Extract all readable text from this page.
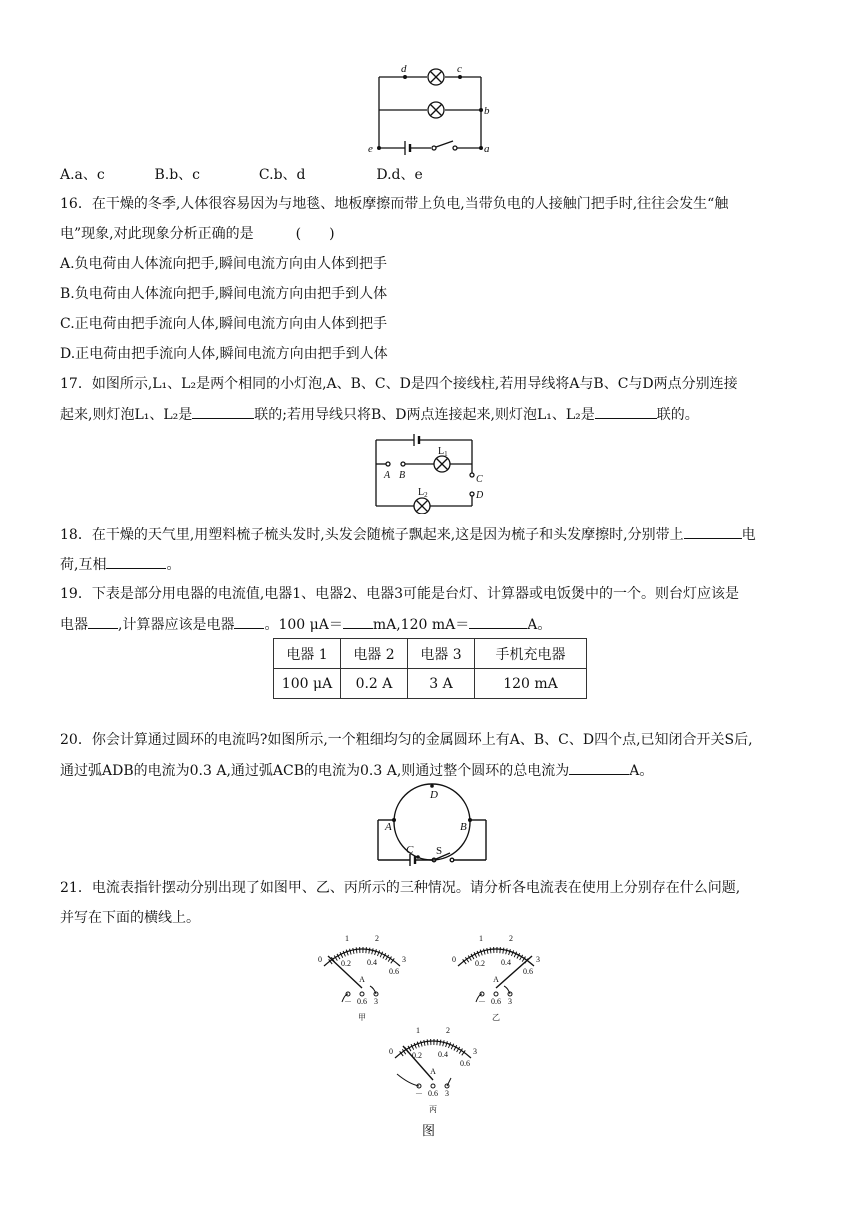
d	c
b
e	a
A.a、c	B.b、c	C.b、d	D.d、e
16．在干燥的冬季,人体很容易因为与地毯、地板摩擦而带上负电,当带负电的人接触门把手时,往往会发生“触
电”现象,对此现象分析正确的是　　　(　　)
A.负电荷由人体流向把手,瞬间电流方向由人体到把手
B.负电荷由人体流向把手,瞬间电流方向由把手到人体
C.正电荷由把手流向人体,瞬间电流方向由人体到把手
D.正电荷由把手流向人体,瞬间电流方向由把手到人体
17．如图所示,L₁、L₂是两个相同的小灯泡,A、B、C、D是四个接线柱,若用导线将A与B、C与D两点分别连接
起来,则灯泡L₁、L₂是	联的;若用导线只将B、D两点连接起来,则灯泡L₁、L₂是	联的。
$L_1$
$L_2$
A B	C
D
18．在干燥的天气里,用塑料梳子梳头发时,头发会随梳子飘起来,这是因为梳子和头发摩擦时,分别带上	电
荷,互相	。
19．下表是部分用电器的电流值,电器1、电器2、电器3可能是台灯、计算器或电饭煲中的一个。则台灯应该是
电器 ,计算器应该是电器 。100 μA＝ mA,120 mA＝	A。
电器 1	电器 2	电器 3	手机充电器
100 μA	0.2 A	3 A	120 mA
20．你会计算通过圆环的电流吗?如图所示,一个粗细均匀的金属圆环上有A、B、C、D四个点,已知闭合开关S后,
通过弧ADB的电流为0.3 A,通过弧ACB的电流为0.3 A,则通过整个圆环的总电流为	A。
A	B
C
D
S
21．电流表指针摆动分别出现了如图甲、乙、丙所示的三种情况。请分析各电流表在使用上分别存在什么问题,
并写在下面的横线上。
0
1	2
3
0.2 0.4
0.6
A
－ 0.6 3
甲
0
1	2
3
0.2 0.4
0.6
A
－ 0.6 3
乙
0
1	2
3
0.2 0.4
0.6
A
－ 0.6 3
丙
图
